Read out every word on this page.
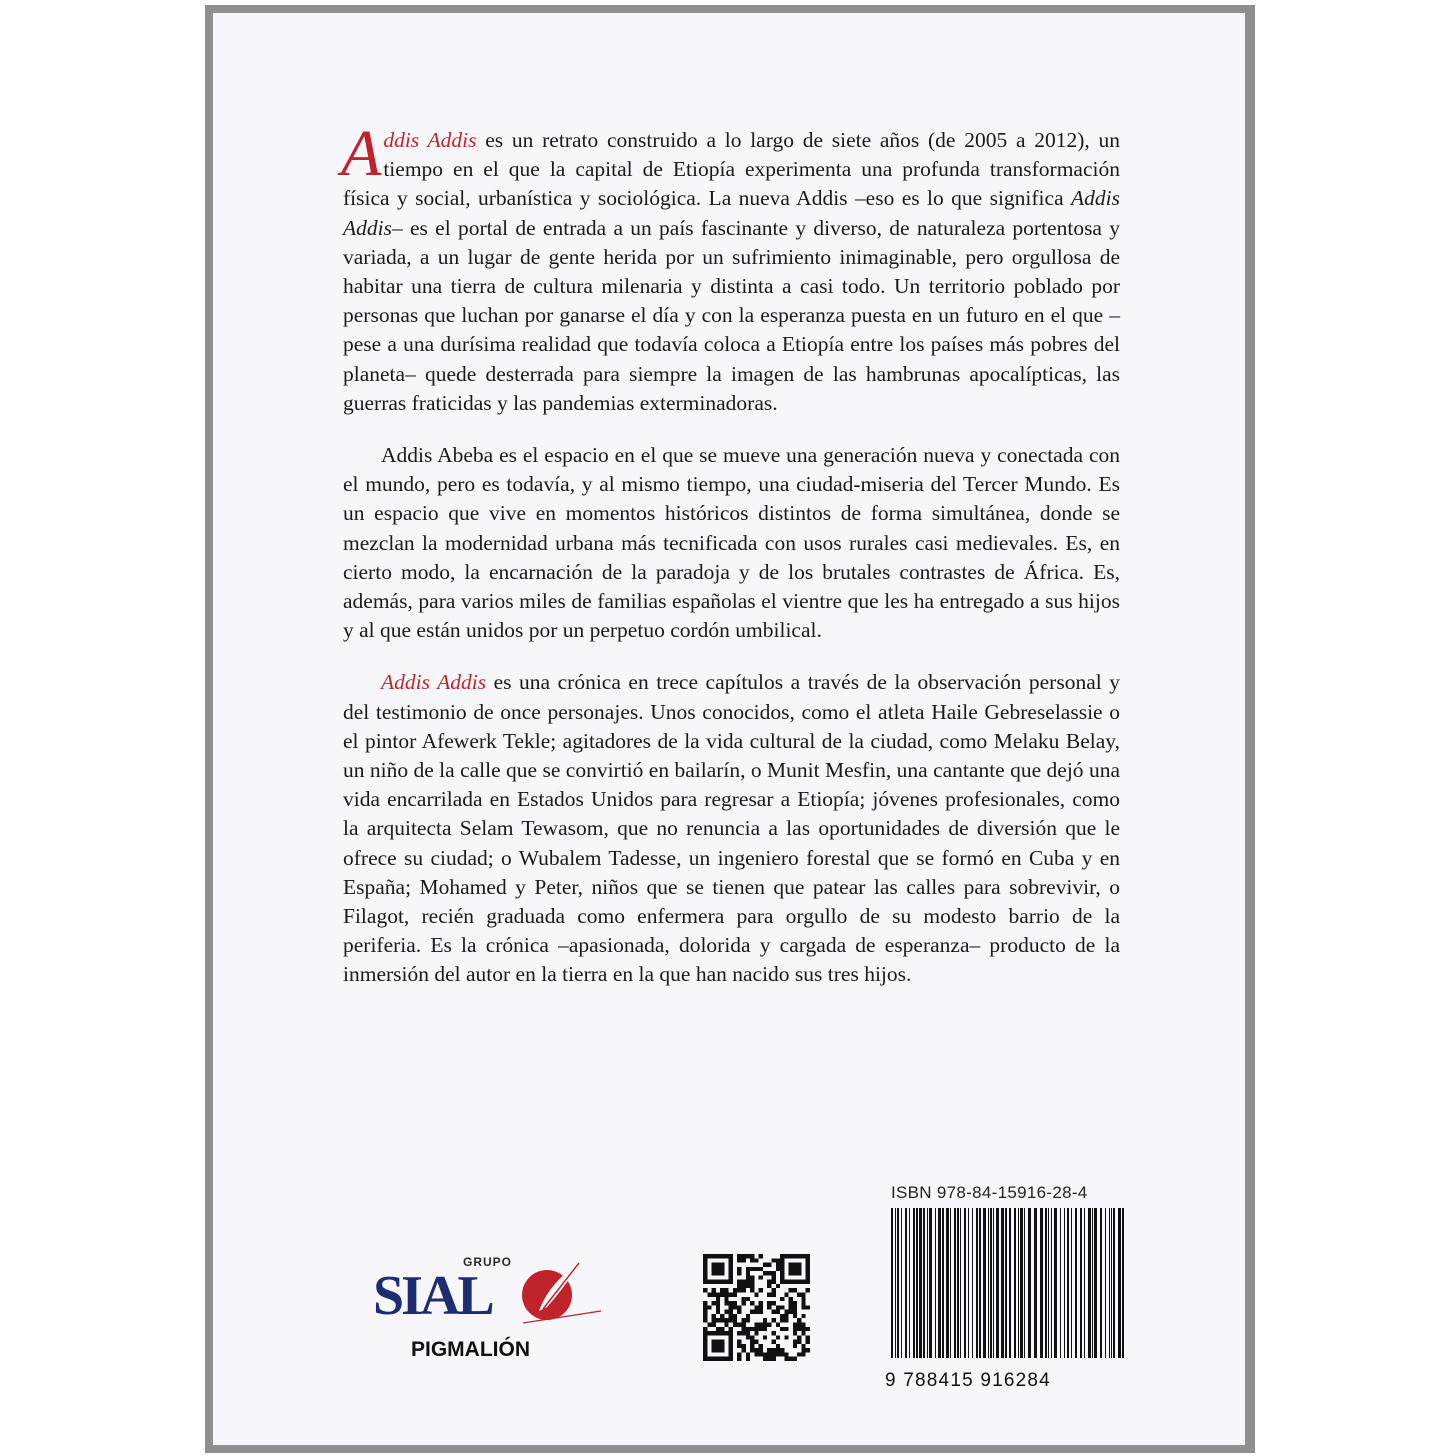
Addis Addis es un retrato construido a lo largo de siete años (de 2005 a 2012), un tiempo en el que la capital de Etiopía experimenta una profunda transformación física y social, urbanística y sociológica. La nueva Addis –eso es lo que significa Addis Addis– es el portal de entrada a un país fascinante y diverso, de naturaleza portentosa y variada, a un lugar de gente herida por un sufrimiento inimaginable, pero orgullosa de habitar una tierra de cultura milenaria y distinta a casi todo. Un territorio poblado por personas que luchan por ganarse el día y con la esperanza puesta en un futuro en el que –pese a una durísima realidad que todavía coloca a Etiopía entre los países más pobres del planeta– quede desterrada para siempre la imagen de las hambrunas apocalípticas, las guerras fraticidas y las pandemias exterminadoras.

Addis Abeba es el espacio en el que se mueve una generación nueva y conectada con el mundo, pero es todavía, y al mismo tiempo, una ciudad-miseria del Tercer Mundo. Es un espacio que vive en momentos históricos distintos de forma simultánea, donde se mezclan la modernidad urbana más tecnificada con usos rurales casi medievales. Es, en cierto modo, la encarnación de la paradoja y de los brutales contrastes de África. Es, además, para varios miles de familias españolas el vientre que les ha entregado a sus hijos y al que están unidos por un perpetuo cordón umbilical.

Addis Addis es una crónica en trece capítulos a través de la observación personal y del testimonio de once personajes. Unos conocidos, como el atleta Haile Gebreselassie o el pintor Afewerk Tekle; agitadores de la vida cultural de la ciudad, como Melaku Belay, un niño de la calle que se convirtió en bailarín, o Munit Mesfin, una cantante que dejó una vida encarrilada en Estados Unidos para regresar a Etiopía; jóvenes profesionales, como la arquitecta Selam Tewasom, que no renuncia a las oportunidades de diversión que le ofrece su ciudad; o Wubalem Tadesse, un ingeniero forestal que se formó en Cuba y en España; Mohamed y Peter, niños que se tienen que patear las calles para sobrevivir, o Filagot, recién graduada como enfermera para orgullo de su modesto barrio de la periferia. Es la crónica –apasionada, dolorida y cargada de esperanza– producto de la inmersión del autor en la tierra en la que han nacido sus tres hijos.

GRUPO
SIAL
PIGMALIÓN
ISBN 978-84-15916-28-4
9 788415 916284
